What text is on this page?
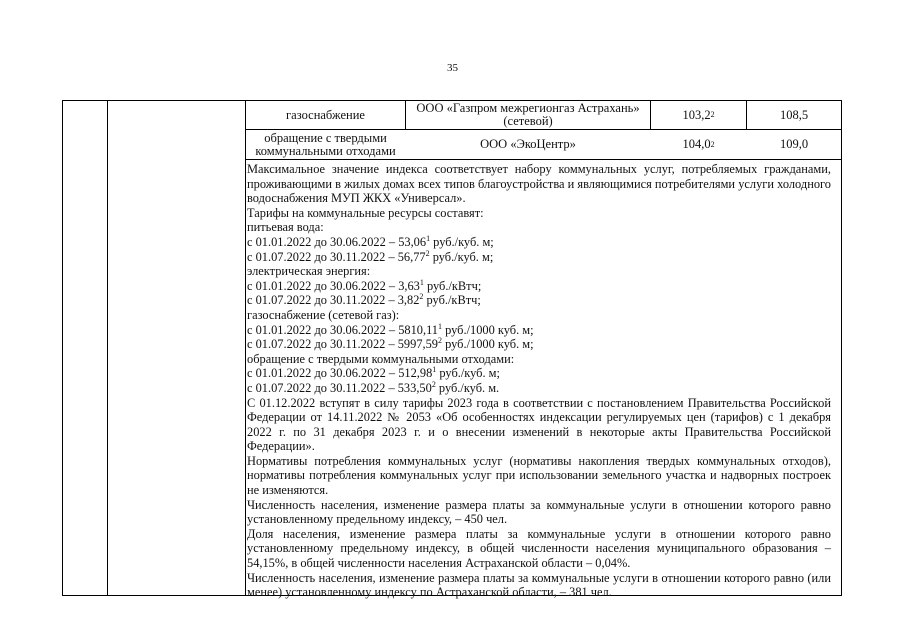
35
газоснабжение	ООО «Газпром межрегионгаз Астрахань» (сетевой)	103,2 2	108,5
обращение с твердыми коммунальными отходами	ООО «ЭкоЦентр»	104,0 2	109,0

Максимальное значение индекса соответствует набору коммунальных услуг, потребляемых гражданами, проживающими в жилых домах всех типов благоустройства и являющимися потребителями услуги холодного водоснабжения МУП ЖКХ «Универсал».

Тарифы на коммунальные ресурсы составят:

питьевая вода:

с 01.01.2022 до 30.06.2022 – 53,06$^1$ руб./куб. м;

с 01.07.2022 до 30.11.2022 – 56,77$^2$ руб./куб. м;

электрическая энергия:

с 01.01.2022 до 30.06.2022 – 3,63$^1$ руб./кВтч;

с 01.07.2022 до 30.11.2022 – 3,82$^2$ руб./кВтч;

газоснабжение (сетевой газ):

с 01.01.2022 до 30.06.2022 – 5810,11$^1$ руб./1000 куб. м;

с 01.07.2022 до 30.11.2022 – 5997,59$^2$ руб./1000 куб. м;

обращение с твердыми коммунальными отходами:

с 01.01.2022 до 30.06.2022 – 512,98$^1$ руб./куб. м;

с 01.07.2022 до 30.11.2022 – 533,50$^2$ руб./куб. м.

С 01.12.2022 вступят в силу тарифы 2023 года в соответствии с постановлением Правительства Российской Федерации от 14.11.2022 № 2053 «Об особенностях индексации регулируемых цен (тарифов) с 1 декабря 2022 г. по 31 декабря 2023 г. и о внесении изменений в некоторые акты Правительства Российской Федерации».

Нормативы потребления коммунальных услуг (нормативы накопления твердых коммунальных отходов), нормативы потребления коммунальных услуг при использовании земельного участка и надворных построек не изменяются.

Численность населения, изменение размера платы за коммунальные услуги в отношении которого равно установленному предельному индексу, – 450 чел.

Доля населения, изменение размера платы за коммунальные услуги в отношении которого равно установленному предельному индексу, в общей численности населения муниципального образования – 54,15%, в общей численности населения Астраханской области – 0,04%.

Численность населения, изменение размера платы за коммунальные услуги в отношении которого равно (или менее) установленному индексу по Астраханской области, – 381 чел.
